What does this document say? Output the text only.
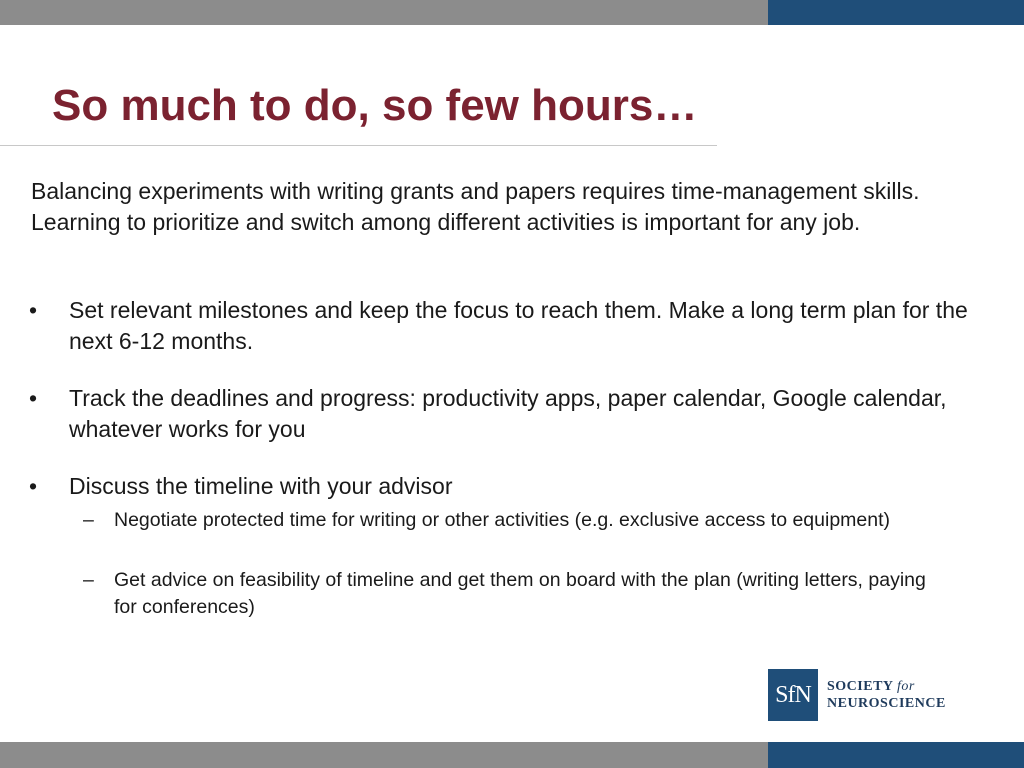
So much to do, so few hours…

Balancing experiments with writing grants and papers requires time-management skills. Learning to prioritize and switch among different activities is important for any job.

• Set relevant milestones and keep the focus to reach them. Make a long term plan for the next 6-12 months.
• Track the deadlines and progress: productivity apps, paper calendar, Google calendar, whatever works for you
• Discuss the timeline with your advisor
– Negotiate protected time for writing or other activities (e.g. exclusive access to equipment)
– Get advice on feasibility of timeline and get them on board with the plan (writing letters, paying for conferences)
SfN	SOCIETY for
NEUROSCIENCE
